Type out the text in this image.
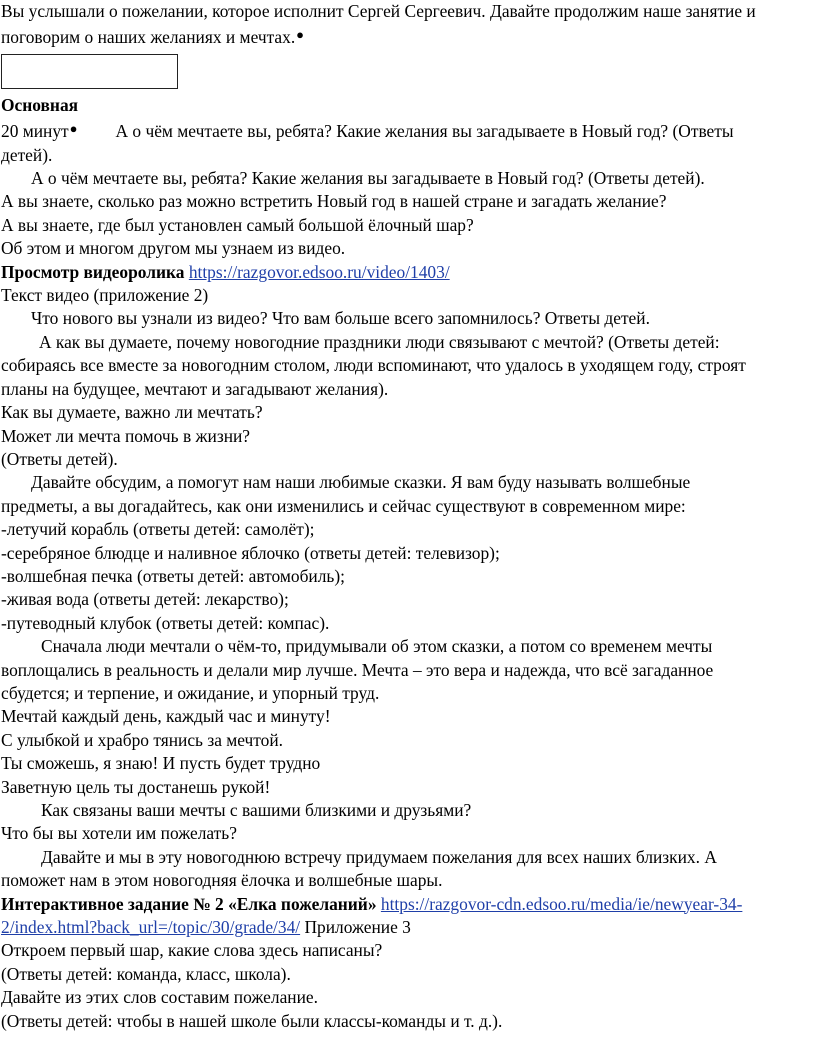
Вы услышали о пожелании, которое исполнит Сергей Сергеевич. Давайте продолжим наше занятие и

поговорим о наших желаниях и мечтах.●

Основная

20 минут● А о чём мечтаете вы, ребята? Какие желания вы загадываете в Новый год? (Ответы

детей).

А о чём мечтаете вы, ребята? Какие желания вы загадываете в Новый год? (Ответы детей).

А вы знаете, сколько раз можно встретить Новый год в нашей стране и загадать желание?

А вы знаете, где был установлен самый большой ёлочный шар?

Об этом и многом другом мы узнаем из видео.

Просмотр видеоролика https://razgovor.edsoo.ru/video/1403/

Текст видео (приложение 2)

Что нового вы узнали из видео? Что вам больше всего запомнилось? Ответы детей.

А как вы думаете, почему новогодние праздники люди связывают с мечтой? (Ответы детей:

собираясь все вместе за новогодним столом, люди вспоминают, что удалось в уходящем году, строят

планы на будущее, мечтают и загадывают желания).

Как вы думаете, важно ли мечтать?

Может ли мечта помочь в жизни?

(Ответы детей).

Давайте обсудим, а помогут нам наши любимые сказки. Я вам буду называть волшебные

предметы, а вы догадайтесь, как они изменились и сейчас существуют в современном мире:

-летучий корабль (ответы детей: самолёт);

-серебряное блюдце и наливное яблочко (ответы детей: телевизор);

-волшебная печка (ответы детей: автомобиль);

-живая вода (ответы детей: лекарство);

-путеводный клубок (ответы детей: компас).

Сначала люди мечтали о чём-то, придумывали об этом сказки, а потом со временем мечты

воплощались в реальность и делали мир лучше. Мечта – это вера и надежда, что всё загаданное

сбудется; и терпение, и ожидание, и упорный труд.

Мечтай каждый день, каждый час и минуту!

С улыбкой и храбро тянись за мечтой.

Ты сможешь, я знаю! И пусть будет трудно

Заветную цель ты достанешь рукой!

Как связаны ваши мечты с вашими близкими и друзьями?

Что бы вы хотели им пожелать?

Давайте и мы в эту новогоднюю встречу придумаем пожелания для всех наших близких. А

поможет нам в этом новогодняя ёлочка и волшебные шары.

Интерактивное задание № 2 «Елка пожеланий» https://razgovor-cdn.edsoo.ru/media/ie/newyear-34-

2/index.html?back_url=/topic/30/grade/34/ Приложение 3

Откроем первый шар, какие слова здесь написаны?

(Ответы детей: команда, класс, школа).

Давайте из этих слов составим пожелание.

(Ответы детей: чтобы в нашей школе были классы-команды и т. д.).
